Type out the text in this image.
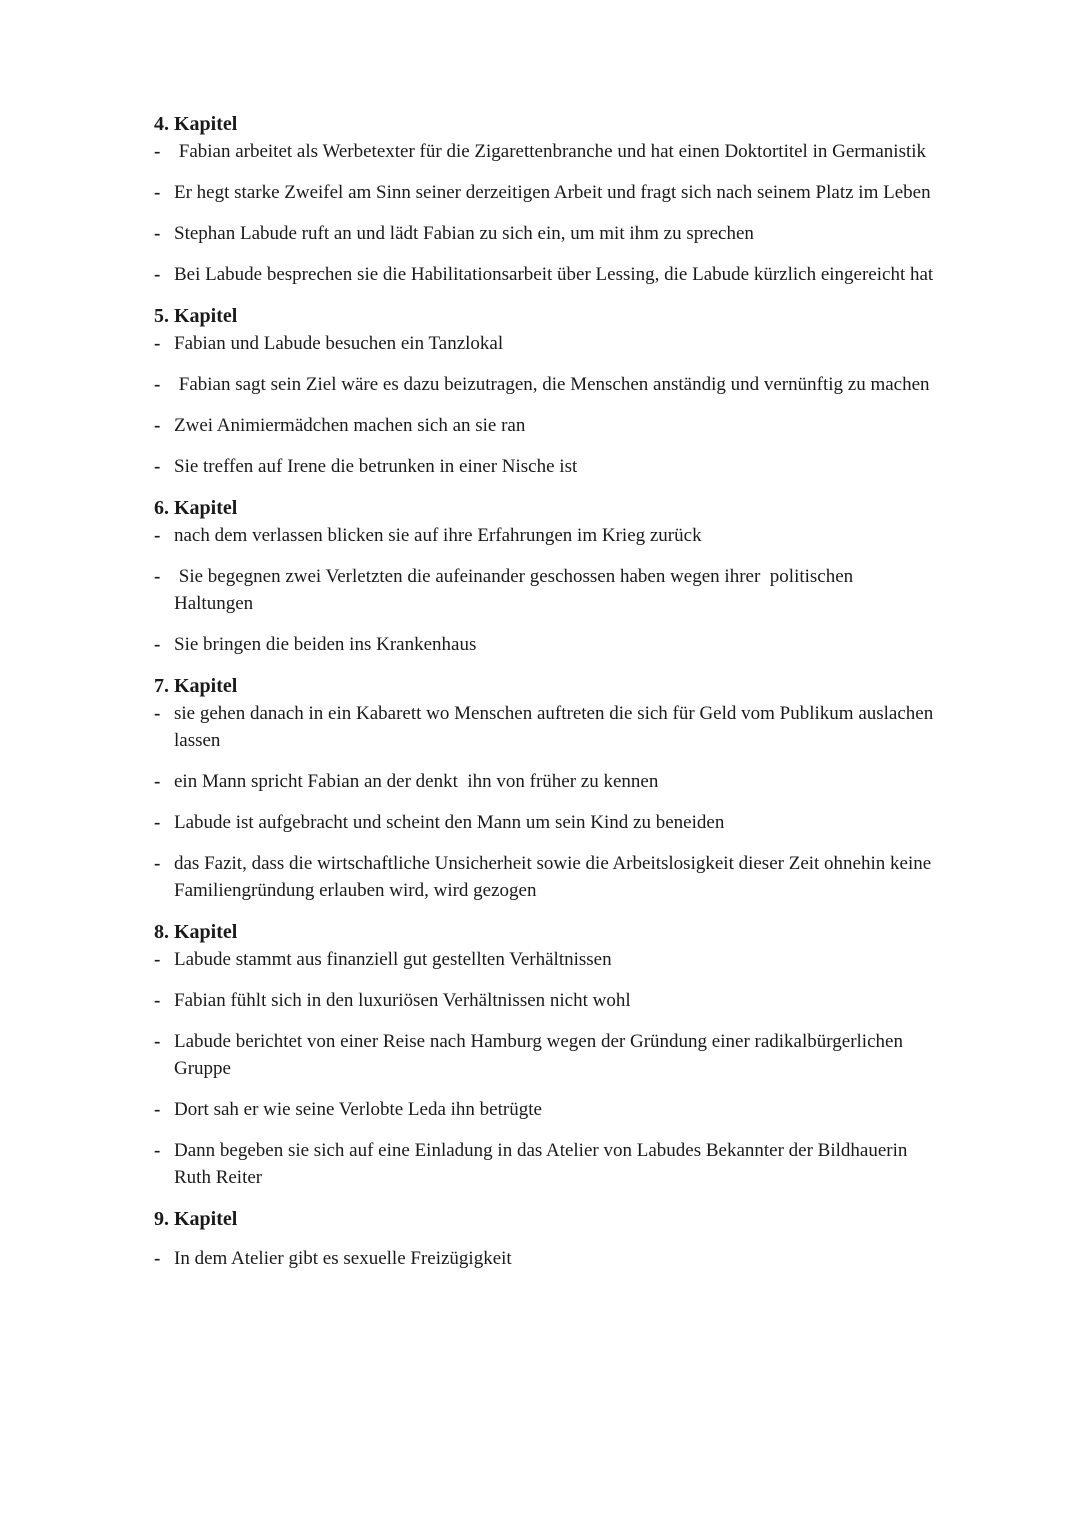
4. Kapitel
- Fabian arbeitet als Werbetexter für die Zigarettenbranche und hat einen Doktortitel in Germanistik
- Er hegt starke Zweifel am Sinn seiner derzeitigen Arbeit und fragt sich nach seinem Platz im Leben
- Stephan Labude ruft an und lädt Fabian zu sich ein, um mit ihm zu sprechen
- Bei Labude besprechen sie die Habilitationsarbeit über Lessing, die Labude kürzlich eingereicht hat
5. Kapitel
- Fabian und Labude besuchen ein Tanzlokal
- Fabian sagt sein Ziel wäre es dazu beizutragen, die Menschen anständig und vernünftig zu machen
- Zwei Animiermädchen machen sich an sie ran
- Sie treffen auf Irene die betrunken in einer Nische ist
6. Kapitel
- nach dem verlassen blicken sie auf ihre Erfahrungen im Krieg zurück
- Sie begegnen zwei Verletzten die aufeinander geschossen haben wegen ihrer  politischen Haltungen
- Sie bringen die beiden ins Krankenhaus
7. Kapitel
- sie gehen danach in ein Kabarett wo Menschen auftreten die sich für Geld vom Publikum auslachen lassen
- ein Mann spricht Fabian an der denkt  ihn von früher zu kennen
- Labude ist aufgebracht und scheint den Mann um sein Kind zu beneiden
- das Fazit, dass die wirtschaftliche Unsicherheit sowie die Arbeitslosigkeit dieser Zeit ohnehin keine Familiengründung erlauben wird, wird gezogen
8. Kapitel
- Labude stammt aus finanziell gut gestellten Verhältnissen
- Fabian fühlt sich in den luxuriösen Verhältnissen nicht wohl
- Labude berichtet von einer Reise nach Hamburg wegen der Gründung einer radikalbürgerlichen Gruppe
- Dort sah er wie seine Verlobte Leda ihn betrügte
- Dann begeben sie sich auf eine Einladung in das Atelier von Labudes Bekannter der Bildhauerin Ruth Reiter
9. Kapitel
- In dem Atelier gibt es sexuelle Freizügigkeit
